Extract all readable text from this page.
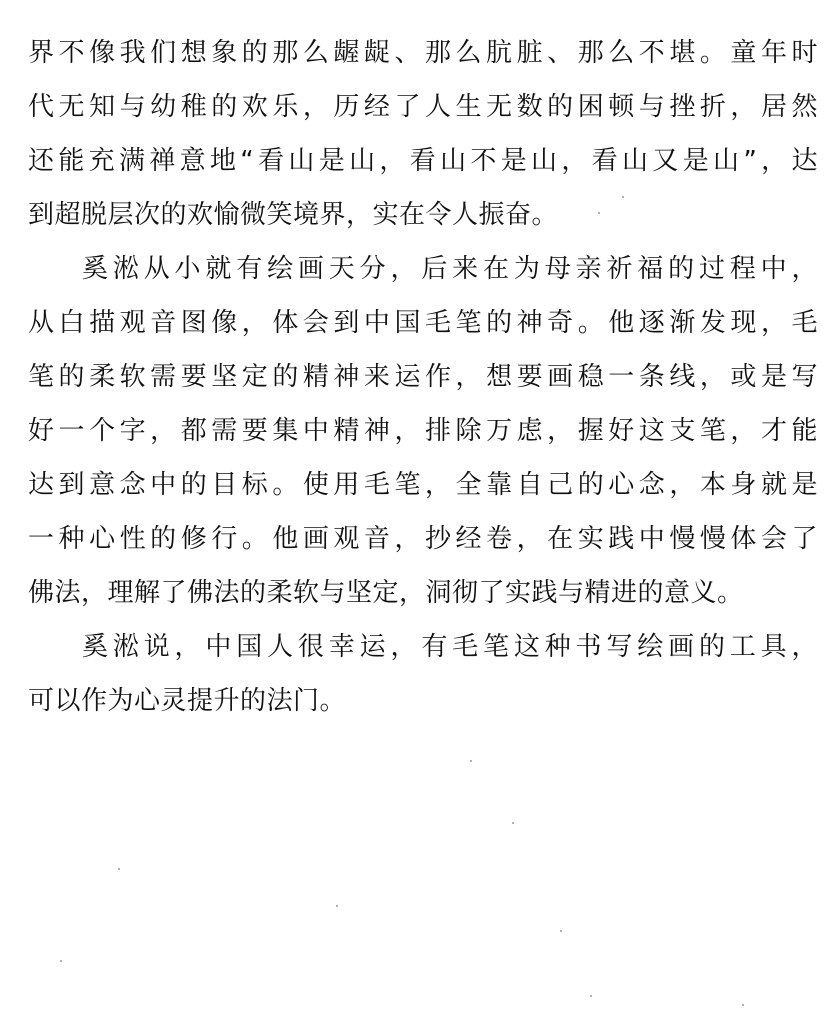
界不像我们想象的那么龌龊、那么肮脏、那么不堪。童年时
代无知与幼稚的欢乐，历经了人生无数的困顿与挫折，居然
还能充满禅意地“看山是山，看山不是山，看山又是山”，达
到超脱层次的欢愉微笑境界，实在令人振奋。
奚淞从小就有绘画天分，后来在为母亲祈福的过程中，
从白描观音图像，体会到中国毛笔的神奇。他逐渐发现，毛
笔的柔软需要坚定的精神来运作，想要画稳一条线，或是写
好一个字，都需要集中精神，排除万虑，握好这支笔，才能
达到意念中的目标。使用毛笔，全靠自己的心念，本身就是
一种心性的修行。他画观音，抄经卷，在实践中慢慢体会了
佛法，理解了佛法的柔软与坚定，洞彻了实践与精进的意义。
奚淞说，中国人很幸运，有毛笔这种书写绘画的工具，
可以作为心灵提升的法门。
